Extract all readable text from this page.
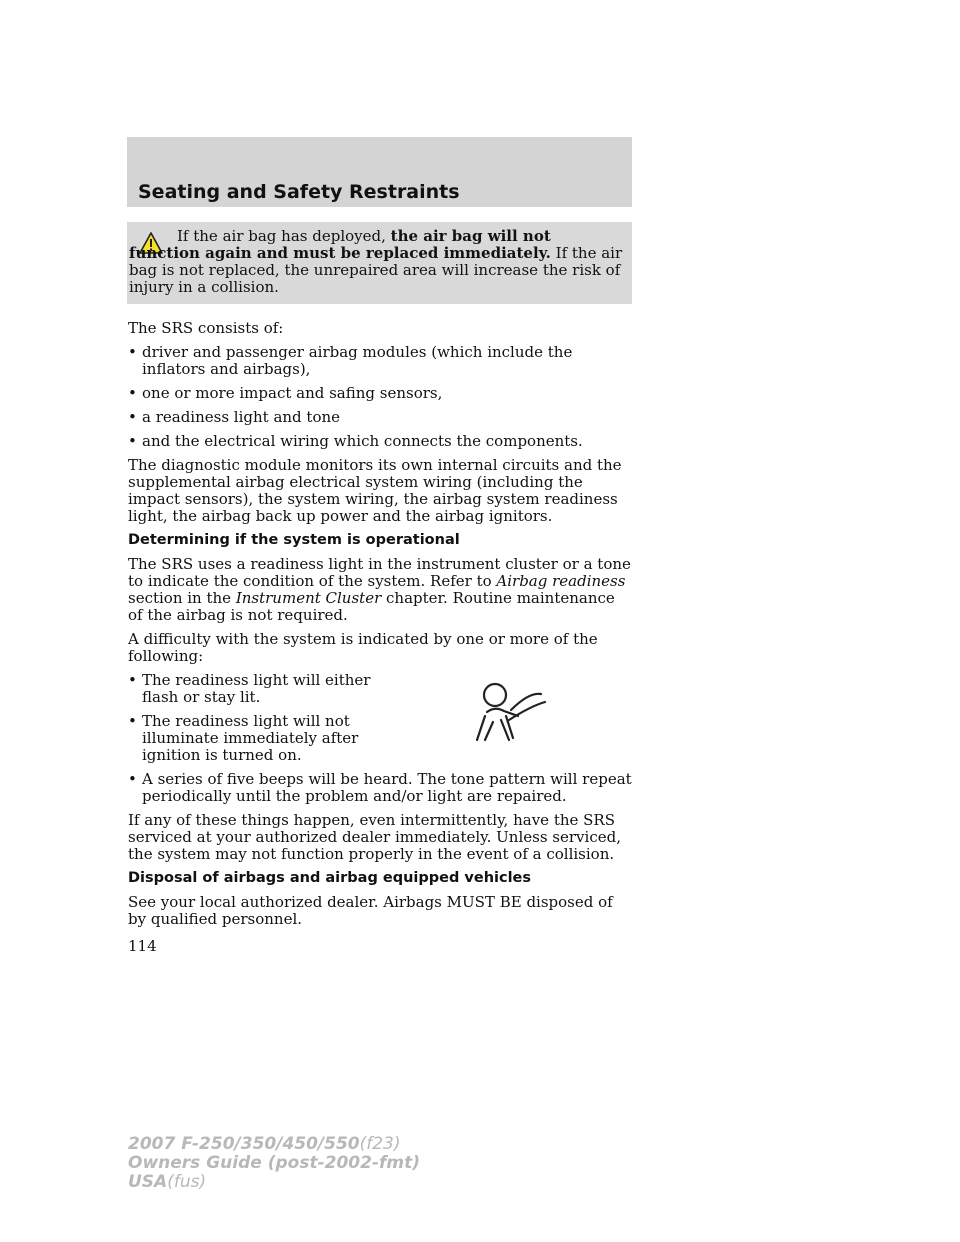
Seating and Safety Restraints
If the air bag has deployed, the air bag will not function again and must be replaced immediately. If the air bag is not replaced, the unrepaired area will increase the risk of injury in a collision.

The SRS consists of:

• driver and passenger airbag modules (which include the inflators and airbags),
• one or more impact and safing sensors,
• a readiness light and tone
• and the electrical wiring which connects the components.

The diagnostic module monitors its own internal circuits and the supplemental airbag electrical system wiring (including the impact sensors), the system wiring, the airbag system readiness light, the airbag back up power and the airbag ignitors.

Determining if the system is operational

The SRS uses a readiness light in the instrument cluster or a tone to indicate the condition of the system. Refer to Airbag readiness section in the Instrument Cluster chapter. Routine maintenance of the airbag is not required.

A difficulty with the system is indicated by one or more of the following:

• The readiness light will either flash or stay lit.
• The readiness light will not illuminate immediately after ignition is turned on.
• A series of five beeps will be heard. The tone pattern will repeat periodically until the problem and/or light are repaired.

If any of these things happen, even intermittently, have the SRS serviced at your authorized dealer immediately. Unless serviced, the system may not function properly in the event of a collision.

Disposal of airbags and airbag equipped vehicles

See your local authorized dealer. Airbags MUST BE disposed of by qualified personnel.

114
2007 F-250/350/450/550(f23)
Owners Guide (post-2002-fmt)
USA(fus)
